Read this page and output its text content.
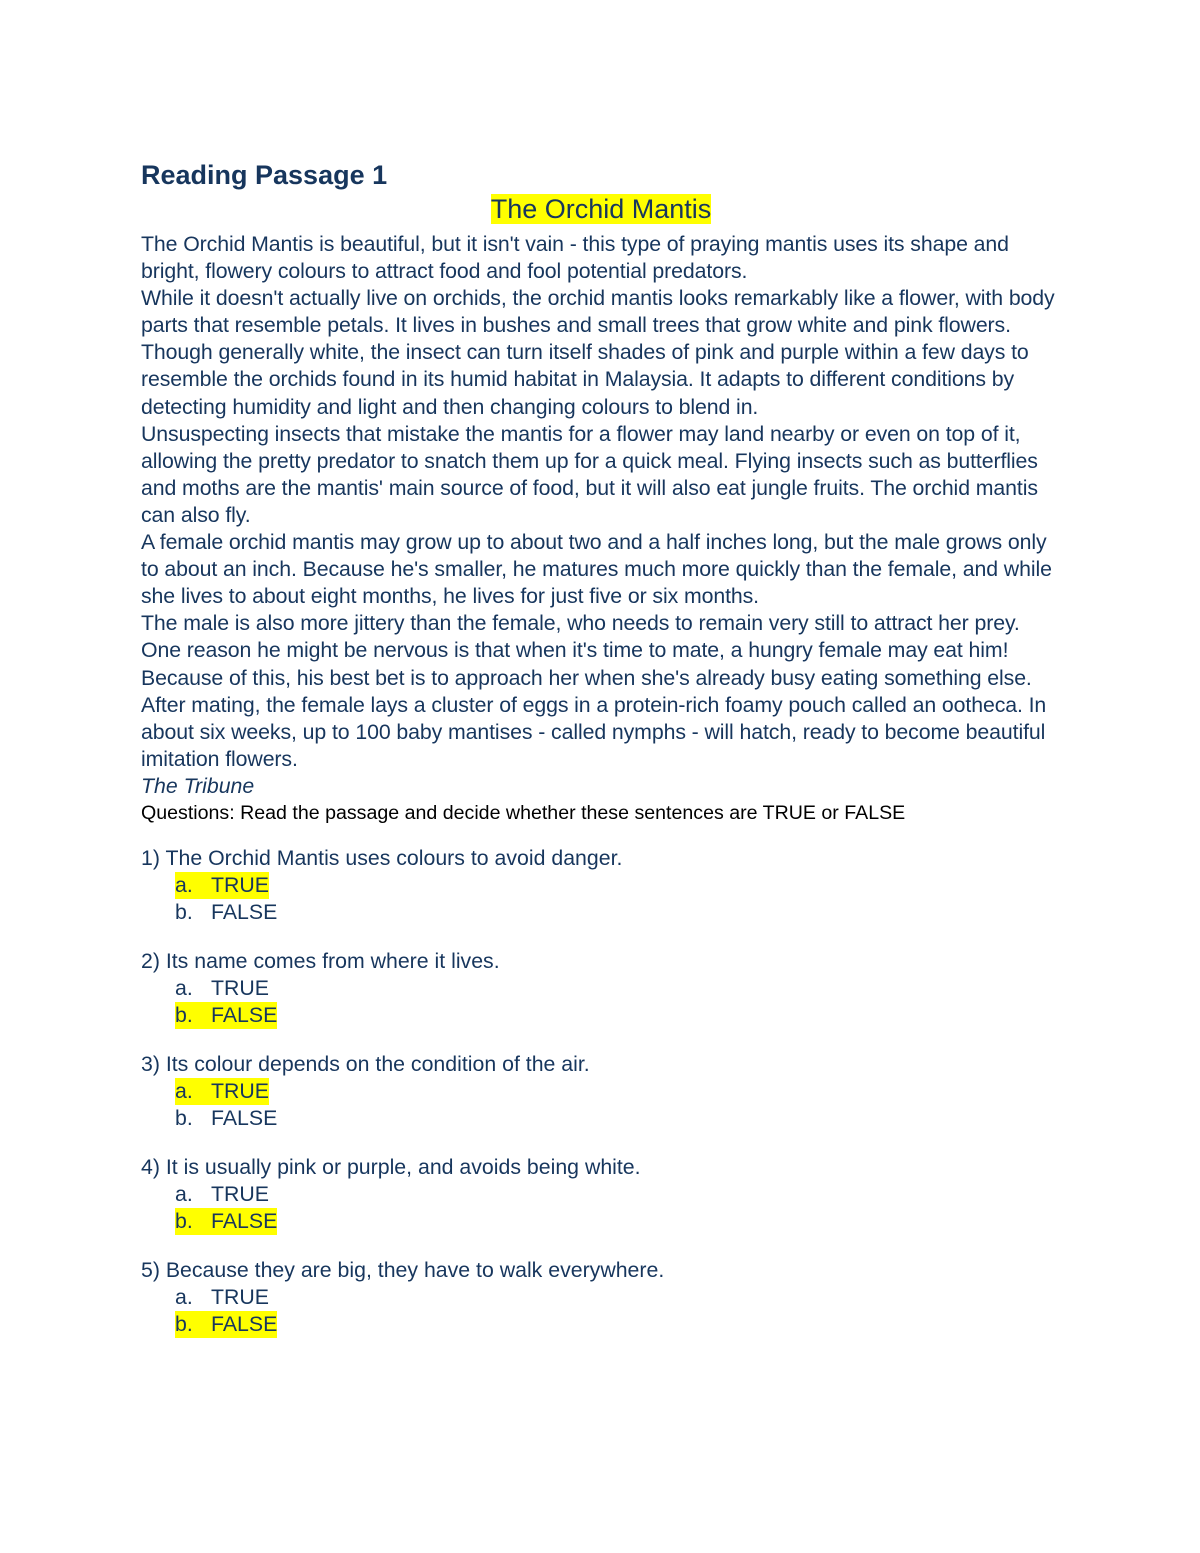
Reading Passage 1
The Orchid Mantis

The Orchid Mantis is beautiful, but it isn't vain - this type of praying mantis uses its shape and bright, flowery colours to attract food and fool potential predators.

While it doesn't actually live on orchids, the orchid mantis looks remarkably like a flower, with body parts that resemble petals. It lives in bushes and small trees that grow white and pink flowers.

Though generally white, the insect can turn itself shades of pink and purple within a few days to resemble the orchids found in its humid habitat in Malaysia. It adapts to different conditions by detecting humidity and light and then changing colours to blend in.

Unsuspecting insects that mistake the mantis for a flower may land nearby or even on top of it, allowing the pretty predator to snatch them up for a quick meal. Flying insects such as butterflies and moths are the mantis' main source of food, but it will also eat jungle fruits. The orchid mantis can also fly.

A female orchid mantis may grow up to about two and a half inches long, but the male grows only to about an inch. Because he's smaller, he matures much more quickly than the female, and while she lives to about eight months, he lives for just five or six months.

The male is also more jittery than the female, who needs to remain very still to attract her prey. One reason he might be nervous is that when it's time to mate, a hungry female may eat him! Because of this, his best bet is to approach her when she's already busy eating something else.

After mating, the female lays a cluster of eggs in a protein-rich foamy pouch called an ootheca. In about six weeks, up to 100 baby mantises - called nymphs - will hatch, ready to become beautiful imitation flowers.

The Tribune

Questions: Read the passage and decide whether these sentences are TRUE or FALSE

1) The Orchid Mantis uses colours to avoid danger.

a. TRUE
b. FALSE

2) Its name comes from where it lives.

a. TRUE
b. FALSE

3) Its colour depends on the condition of the air.

a. TRUE
b. FALSE

4) It is usually pink or purple, and avoids being white.

a. TRUE
b. FALSE

5) Because they are big, they have to walk everywhere.

a. TRUE
b. FALSE
